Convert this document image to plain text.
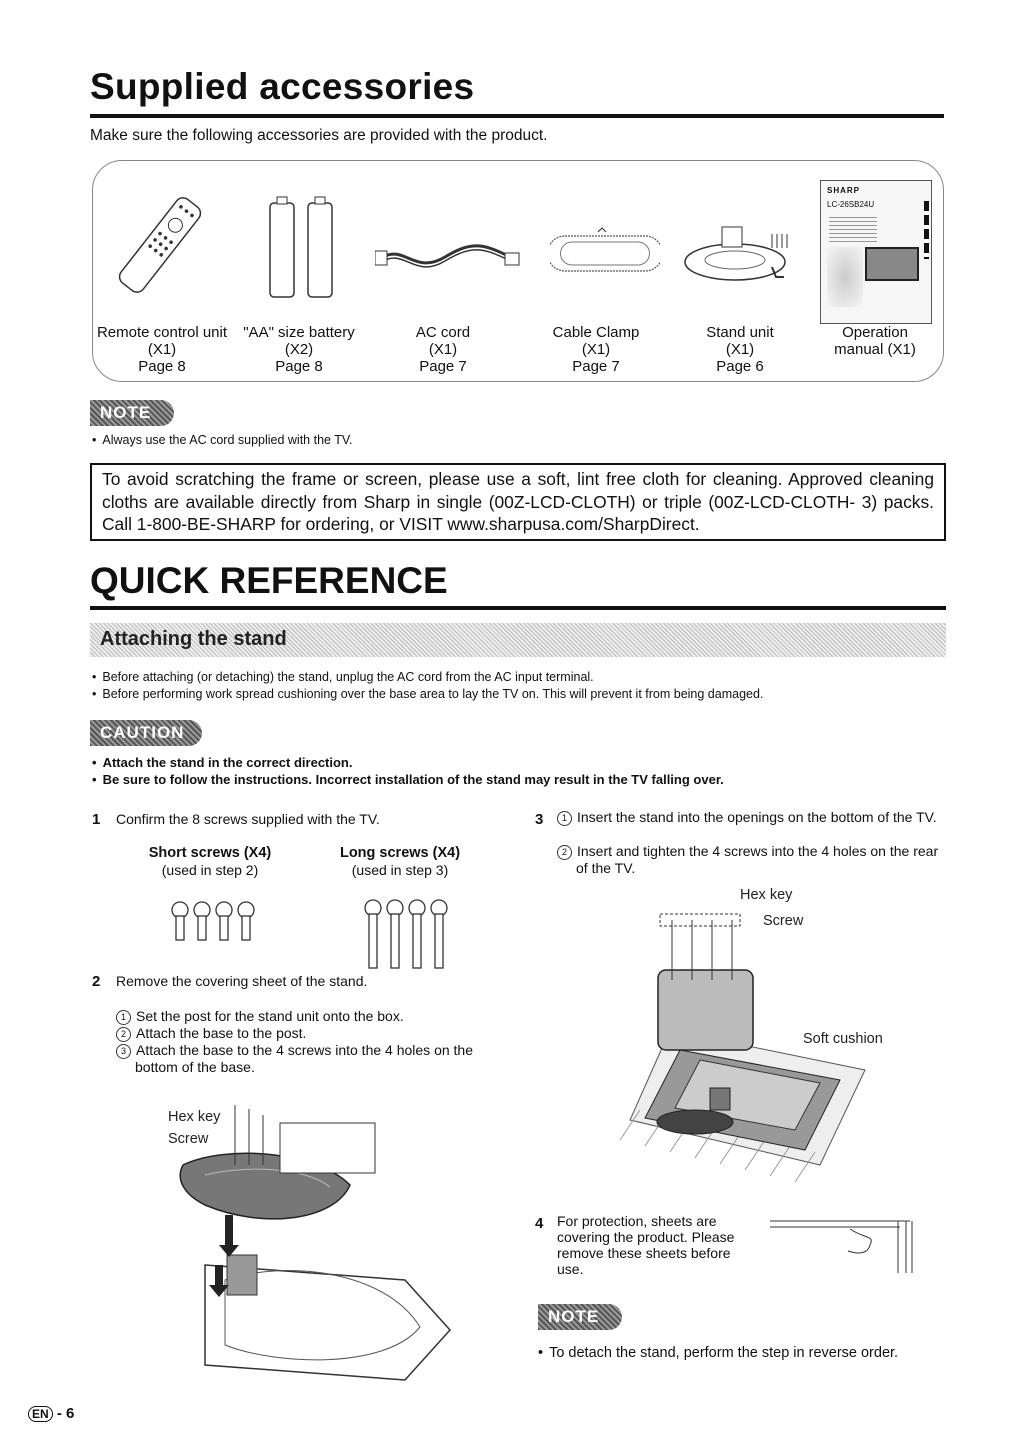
Supplied accessories
Make sure the following accessories are provided with the product.
SHARP
LC-26SB24U
Remote control unit
(X1)
Page 8
"AA" size battery
(X2)
Page 8
AC cord
(X1)
Page 7
Cable Clamp
(X1)
Page 7
Stand unit
(X1)
Page 6
Operation
manual (X1)
NOTE
• Always use the AC cord supplied with the TV.
To avoid scratching the frame or screen, please use a soft, lint free cloth for cleaning. Approved cleaning cloths are available directly from Sharp in single (00Z-LCD-CLOTH) or triple (00Z-LCD-CLOTH- 3) packs. Call 1-800-BE-SHARP for ordering, or VISIT www.sharpusa.com/SharpDirect.
QUICK REFERENCE
Attaching the stand
• Before attaching (or detaching) the stand, unplug the AC cord from the AC input terminal.
• Before performing work spread cushioning over the base area to lay the TV on. This will prevent it from being damaged.
CAUTION
• Attach the stand in the correct direction.
• Be sure to follow the instructions. Incorrect installation of the stand may result in the TV falling over.
1 Confirm the 8 screws supplied with the TV.
Short screws (X4)
(used in step 2)
Long screws (X4)
(used in step 3)
2 Remove the covering sheet of the stand.
1 Set the post for the stand unit onto the box.
2 Attach the base to the post.
3 Attach the base to the 4 screws into the 4 holes on the bottom of the base.
Hex key
Screw
3	1 Insert the stand into the openings on the bottom of the TV.
2 Insert and tighten the 4 screws into the 4 holes on the rear of the TV.
Hex key
Screw
Soft cushion
4 For protection, sheets are covering the product. Please remove these sheets before use.
NOTE
• To detach the stand, perform the step in reverse order.
EN - 6
